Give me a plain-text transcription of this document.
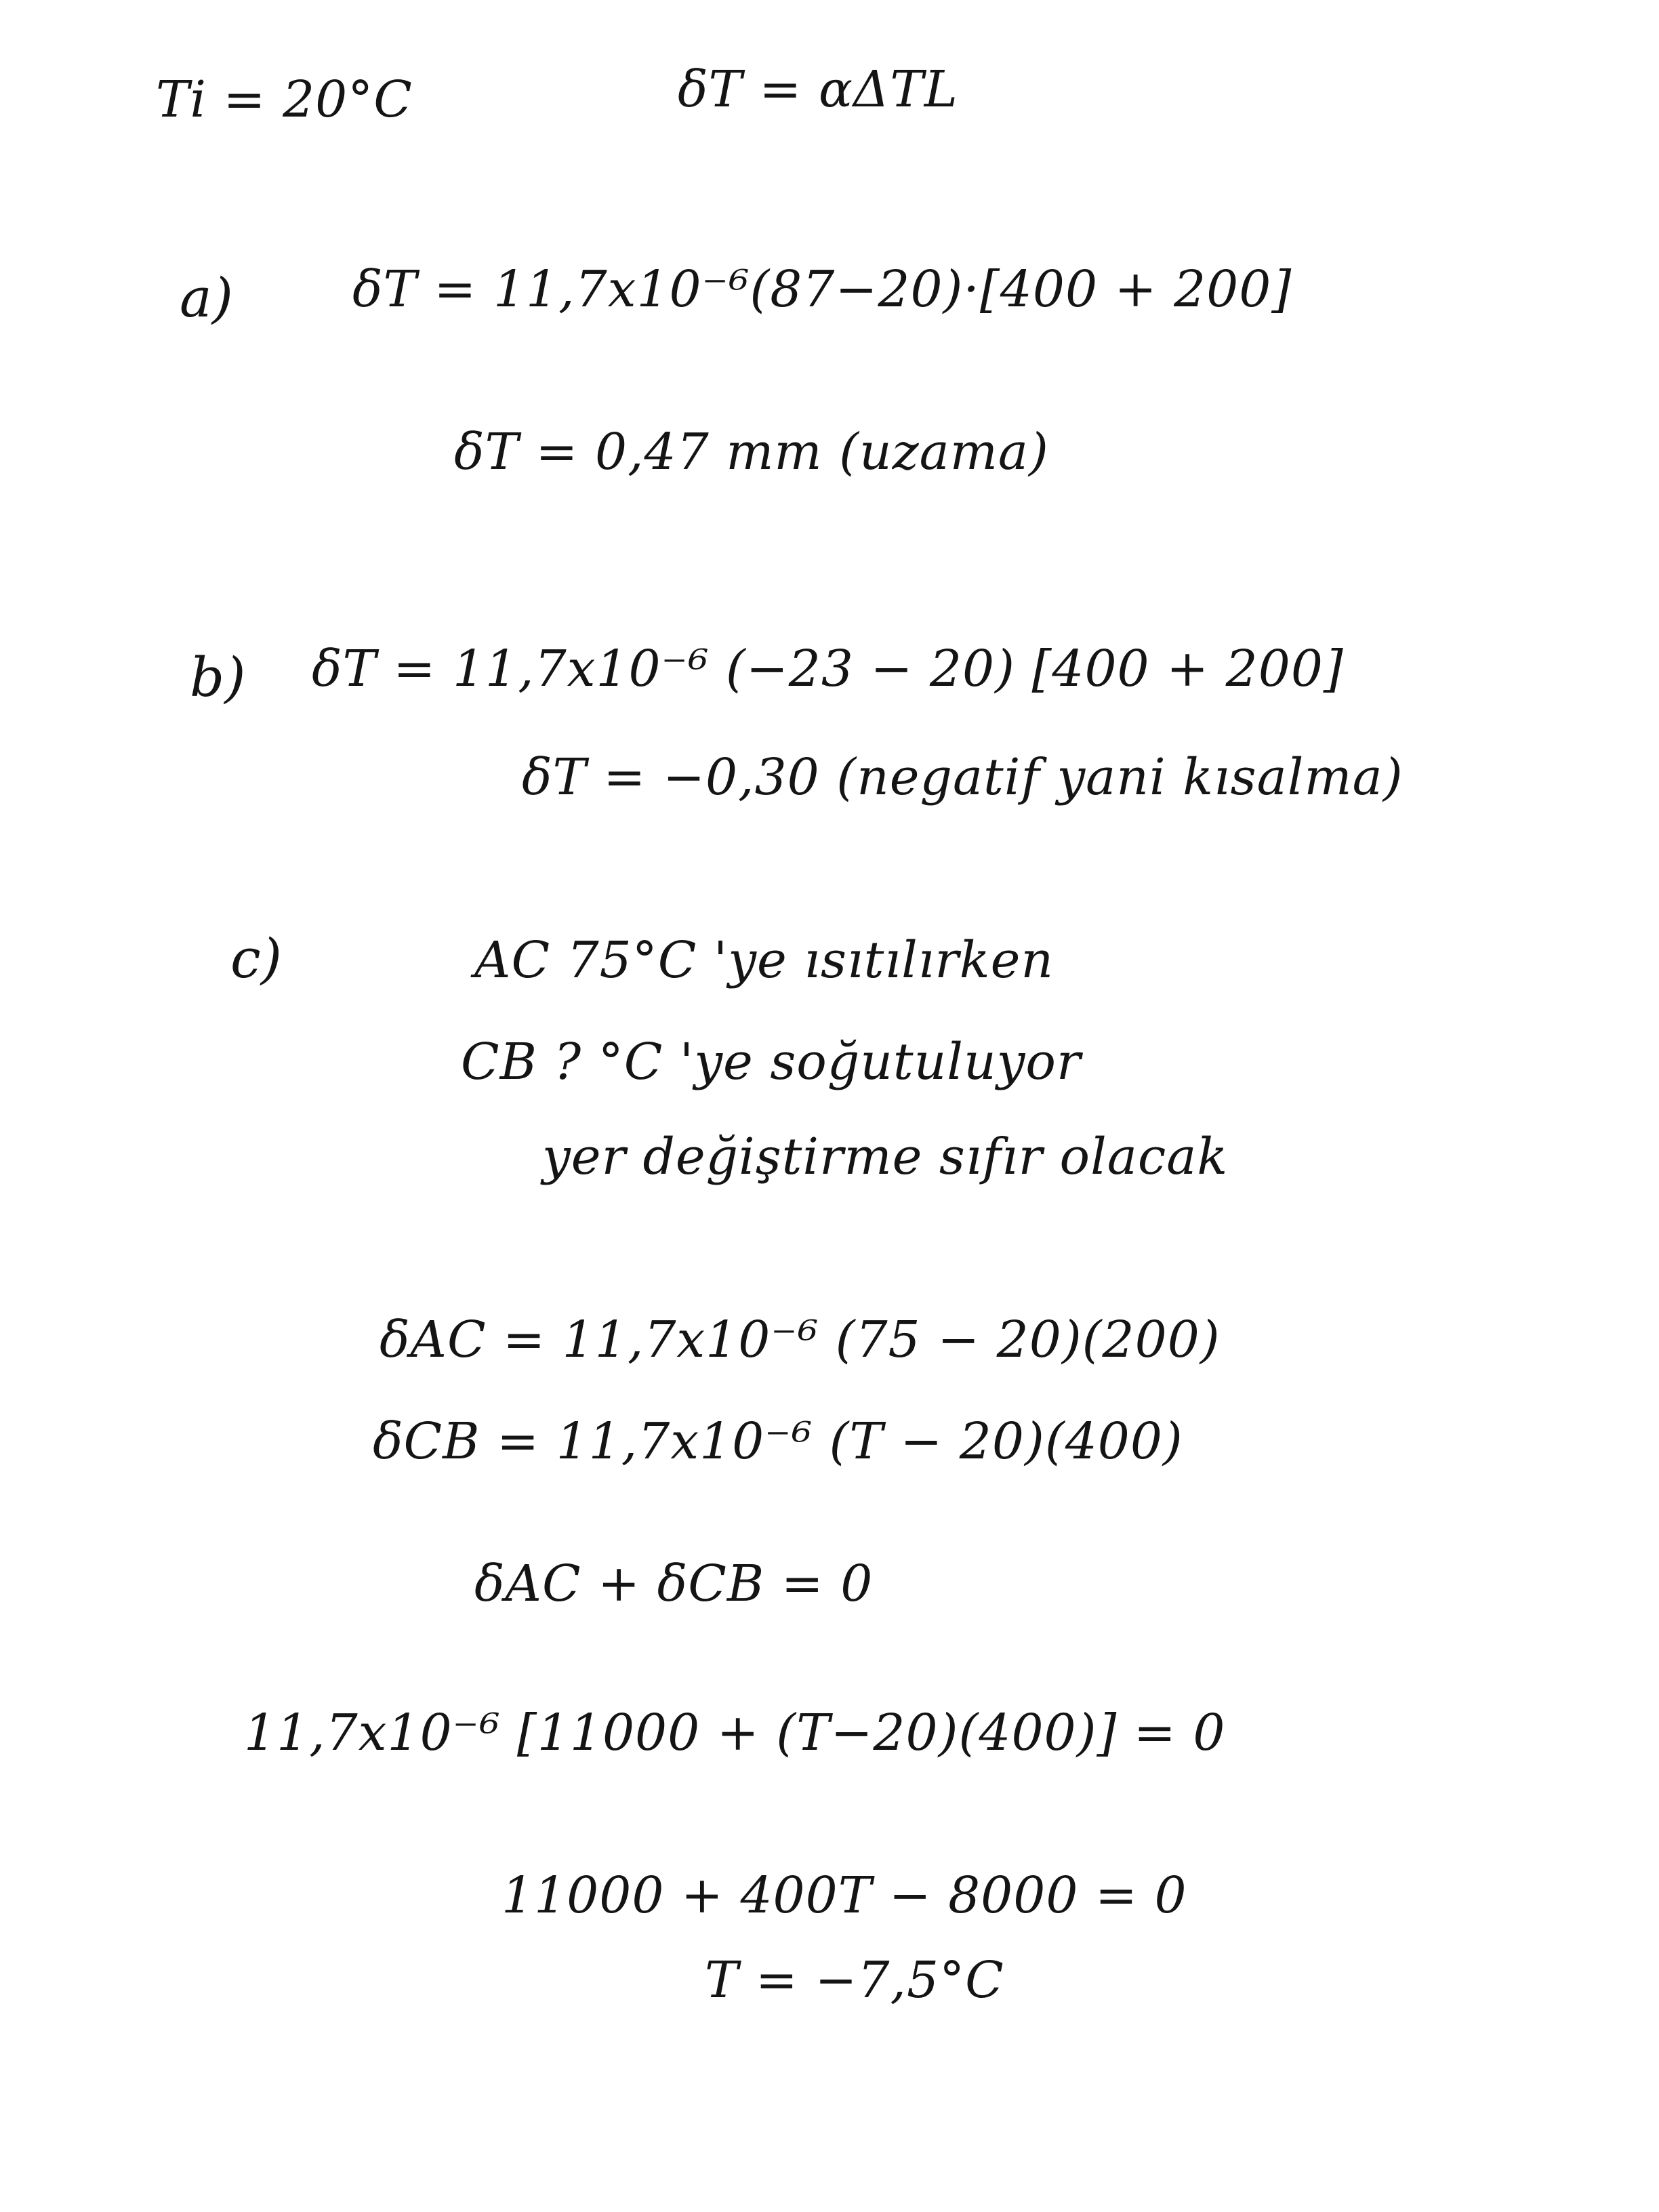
Ti = 20°C	δT = αΔTL
a) δT = 11,7x10⁻⁶(87−20)·[400 + 200]
δT = 0,47 mm (uzama)
b) δT = 11,7x10⁻⁶ (−23 − 20) [400 + 200]
δT = −0,30 (negatif yani kısalma)
c)	AC 75°C 'ye ısıtılırken
CB ? °C 'ye soğutuluyor
yer değiştirme sıfır olacak
δAC = 11,7x10⁻⁶ (75 − 20)(200)
δCB = 11,7x10⁻⁶ (T − 20)(400)
δAC + δCB = 0
11,7x10⁻⁶ [11000 + (T−20)(400)] = 0
11000 + 400T − 8000 = 0
T = −7,5°C
